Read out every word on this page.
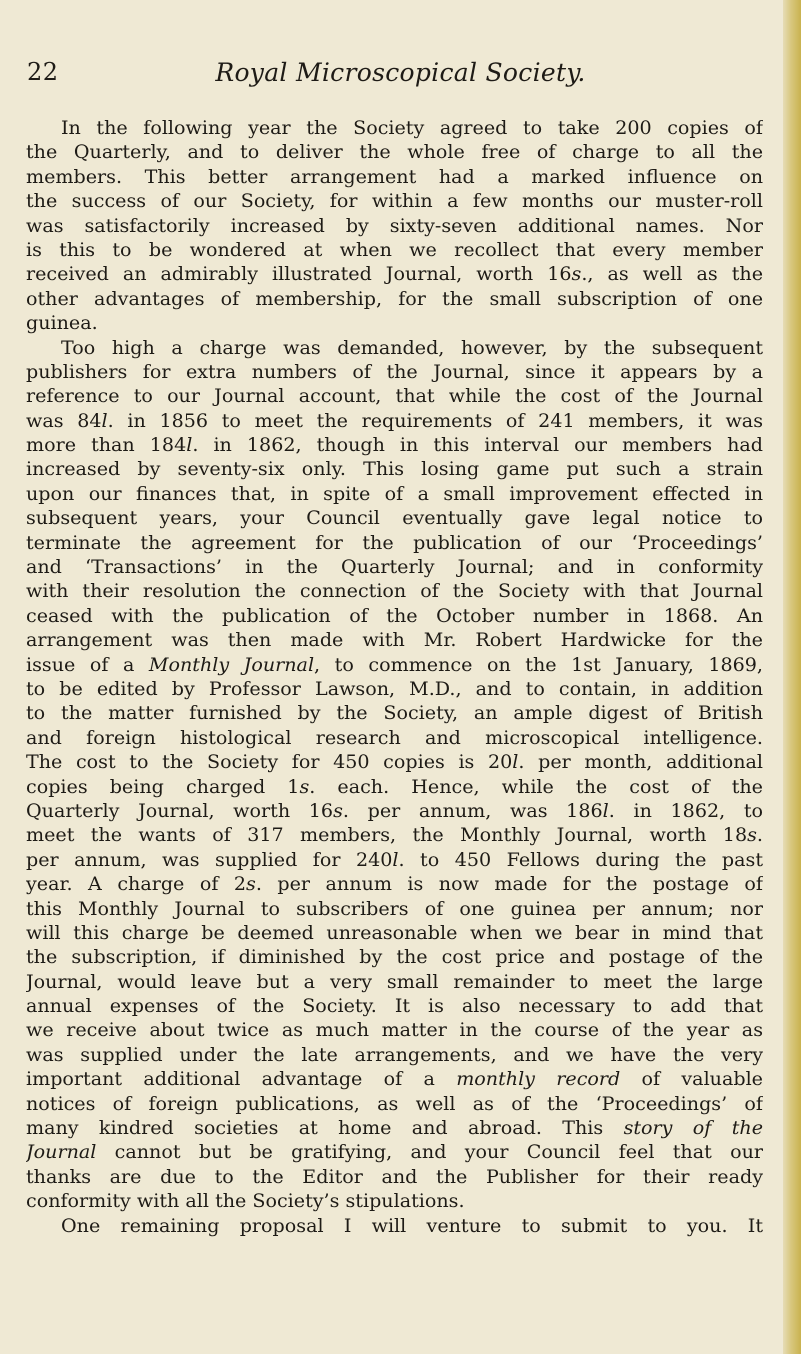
22	Royal Microscopical Society.
In the following year the Society agreed to take 200 copies of
the Quarterly, and to deliver the whole free of charge to all the
members. This better arrangement had a marked influence on
the success of our Society, for within a few months our muster-roll
was satisfactorily increased by sixty-seven additional names. Nor
is this to be wondered at when we recollect that every member
received an admirably illustrated Journal, worth 16s., as well as the
other advantages of membership, for the small subscription of one
guinea.
Too high a charge was demanded, however, by the subsequent
publishers for extra numbers of the Journal, since it appears by a
reference to our Journal account, that while the cost of the Journal
was 84l. in 1856 to meet the requirements of 241 members, it was
more than 184l. in 1862, though in this interval our members had
increased by seventy-six only. This losing game put such a strain
upon our finances that, in spite of a small improvement effected in
subsequent years, your Council eventually gave legal notice to
terminate the agreement for the publication of our ‘Proceedings’
and ‘Transactions’ in the Quarterly Journal; and in conformity
with their resolution the connection of the Society with that Journal
ceased with the publication of the October number in 1868. An
arrangement was then made with Mr. Robert Hardwicke for the
issue of a Monthly Journal, to commence on the 1st January, 1869,
to be edited by Professor Lawson, M.D., and to contain, in addition
to the matter furnished by the Society, an ample digest of British
and foreign histological research and microscopical intelligence.
The cost to the Society for 450 copies is 20l. per month, additional
copies being charged 1s. each. Hence, while the cost of the
Quarterly Journal, worth 16s. per annum, was 186l. in 1862, to
meet the wants of 317 members, the Monthly Journal, worth 18s.
per annum, was supplied for 240l. to 450 Fellows during the past
year. A charge of 2s. per annum is now made for the postage of
this Monthly Journal to subscribers of one guinea per annum; nor
will this charge be deemed unreasonable when we bear in mind that
the subscription, if diminished by the cost price and postage of the
Journal, would leave but a very small remainder to meet the large
annual expenses of the Society. It is also necessary to add that
we receive about twice as much matter in the course of the year as
was supplied under the late arrangements, and we have the very
important additional advantage of a monthly record of valuable
notices of foreign publications, as well as of the ‘Proceedings’ of
many kindred societies at home and abroad. This story of the
Journal cannot but be gratifying, and your Council feel that our
thanks are due to the Editor and the Publisher for their ready
conformity with all the Society’s stipulations.
One remaining proposal I will venture to submit to you. It
